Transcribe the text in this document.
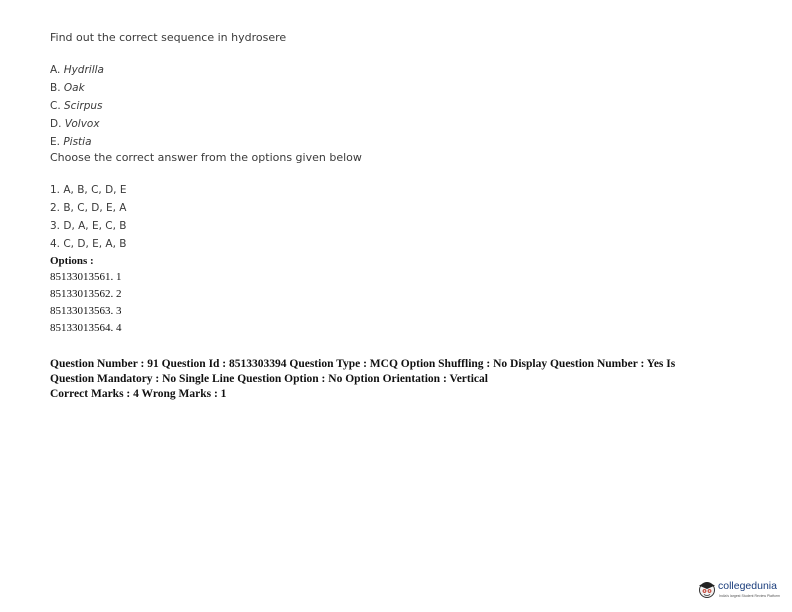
Find out the correct sequence in hydrosere
A. Hydrilla
B. Oak
C. Scirpus
D. Volvox
E. Pistia
Choose the correct answer from the options given below
1. A, B, C, D, E
2. B, C, D, E, A
3. D, A, E, C, B
4. C, D, E, A, B
Options :
85133013561. 1
85133013562. 2
85133013563. 3
85133013564. 4
Question Number : 91 Question Id : 8513303394 Question Type : MCQ Option Shuffling : No Display Question Number : Yes Is Question Mandatory : No Single Line Question Option : No Option Orientation : Vertical
Correct Marks : 4 Wrong Marks : 1
collegedunia
India's largest Student Review Platform
